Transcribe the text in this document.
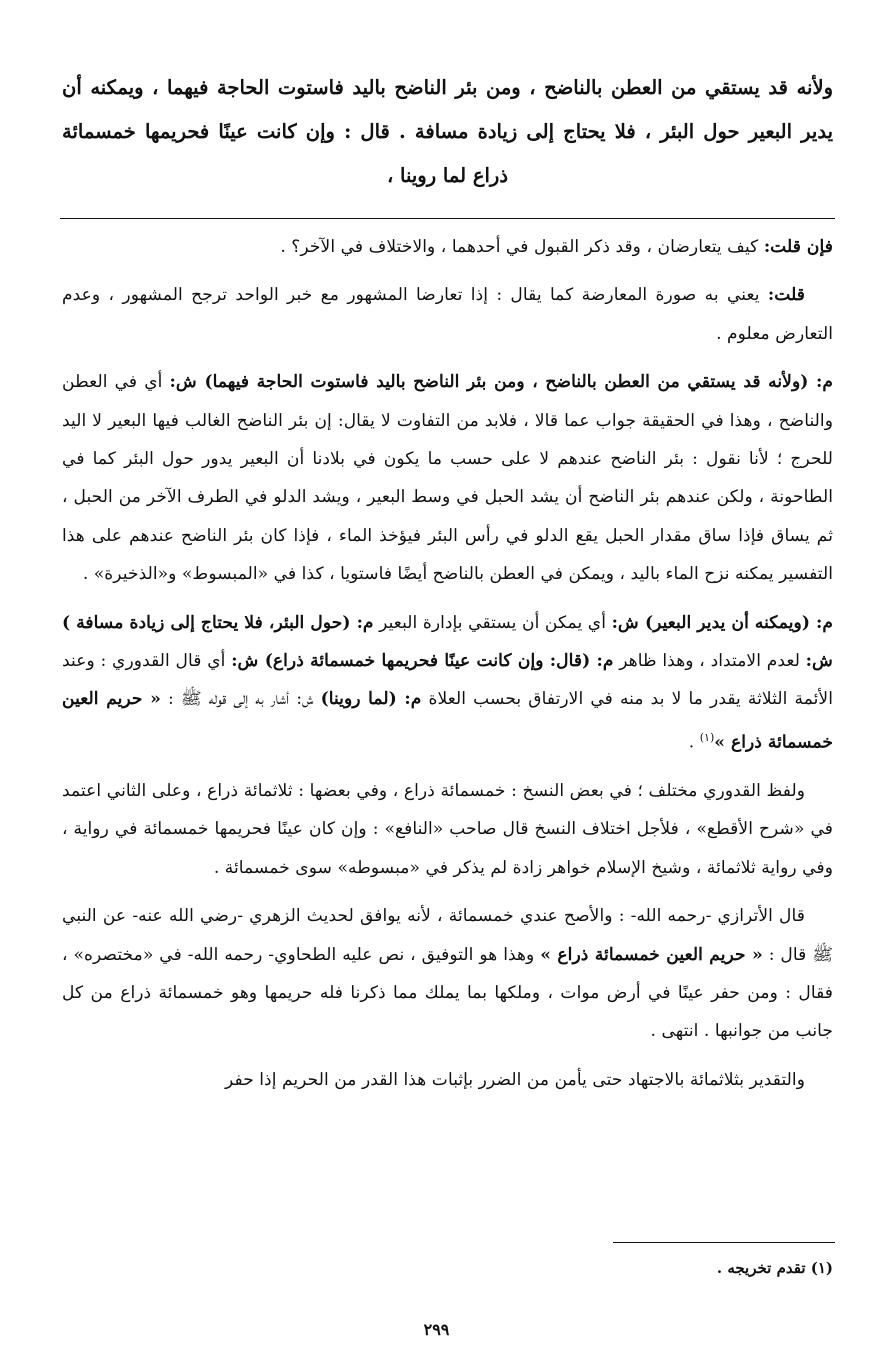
ولأنه قد يستقي من العطن بالناضح ، ومن بئر الناضح باليد فاستوت الحاجة فيهما ، ويمكنه أن يدير البعير حول البئر ، فلا يحتاج إلى زيادة مسافة . قال : وإن كانت عينًا فحريمها خمسمائة ذراع لما روينا ،

فإن قلت: كيف يتعارضان ، وقد ذكر القبول في أحدهما ، والاختلاف في الآخر؟ .

قلت: يعني به صورة المعارضة كما يقال : إذا تعارضا المشهور مع خبر الواحد ترجح المشهور ، وعدم التعارض معلوم .

م: (ولأنه قد يستقي من العطن بالناضح ، ومن بئر الناضح باليد فاستوت الحاجة فيهما) ش: أي في العطن والناضح ، وهذا في الحقيقة جواب عما قالا ، فلابد من التفاوت لا يقال: إن بئر الناضح الغالب فيها البعير لا اليد للحرج ؛ لأنا نقول : بئر الناضح عندهم لا على حسب ما يكون في بلادنا أن البعير يدور حول البئر كما في الطاحونة ، ولكن عندهم بئر الناضح أن يشد الحبل في وسط البعير ، ويشد الدلو في الطرف الآخر من الحبل ، ثم يساق فإذا ساق مقدار الحبل يقع الدلو في رأس البئر فيؤخذ الماء ، فإذا كان بئر الناضح عندهم على هذا التفسير يمكنه نزح الماء باليد ، ويمكن في العطن بالناضح أيضًا فاستويا ، كذا في «المبسوط» و«الذخيرة» .

م: (ويمكنه أن يدير البعير) ش: أي يمكن أن يستقي بإدارة البعير م: (حول البئر، فلا يحتاج إلى زيادة مسافة ) ش: لعدم الامتداد ، وهذا ظاهر م: (قال: وإن كانت عينًا فحريمها خمسمائة ذراع) ش: أي قال القدوري : وعند الأئمة الثلاثة يقدر ما لا بد منه في الارتفاق بحسب العلاة م: (لما روينا) ش: أشار به إلى قوله ﷺ : « حريم العين خمسمائة ذراع »$^{(١)}$ .

ولفظ القدوري مختلف ؛ في بعض النسخ : خمسمائة ذراع ، وفي بعضها : ثلاثمائة ذراع ، وعلى الثاني اعتمد في «شرح الأقطع» ، فلأجل اختلاف النسخ قال صاحب «النافع» : وإن كان عينًا فحريمها خمسمائة في رواية ، وفي رواية ثلاثمائة ، وشيخ الإسلام خواهر زادة لم يذكر في «مبسوطه» سوى خمسمائة .

قال الأترازي -رحمه الله- : والأصح عندي خمسمائة ، لأنه يوافق لحديث الزهري -رضي الله عنه- عن النبي ﷺ قال : « حريم العين خمسمائة ذراع » وهذا هو التوفيق ، نص عليه الطحاوي- رحمه الله- في «مختصره» ، فقال : ومن حفر عينًا في أرض موات ، وملكها بما يملك مما ذكرنا فله حريمها وهو خمسمائة ذراع من كل جانب من جوانبها . انتهى .

والتقدير بثلاثمائة بالاجتهاد حتى يأمن من الضرر بإثبات هذا القدر من الحريم إذا حفر

(١) تقدم تخريجه .
٢٩٩
